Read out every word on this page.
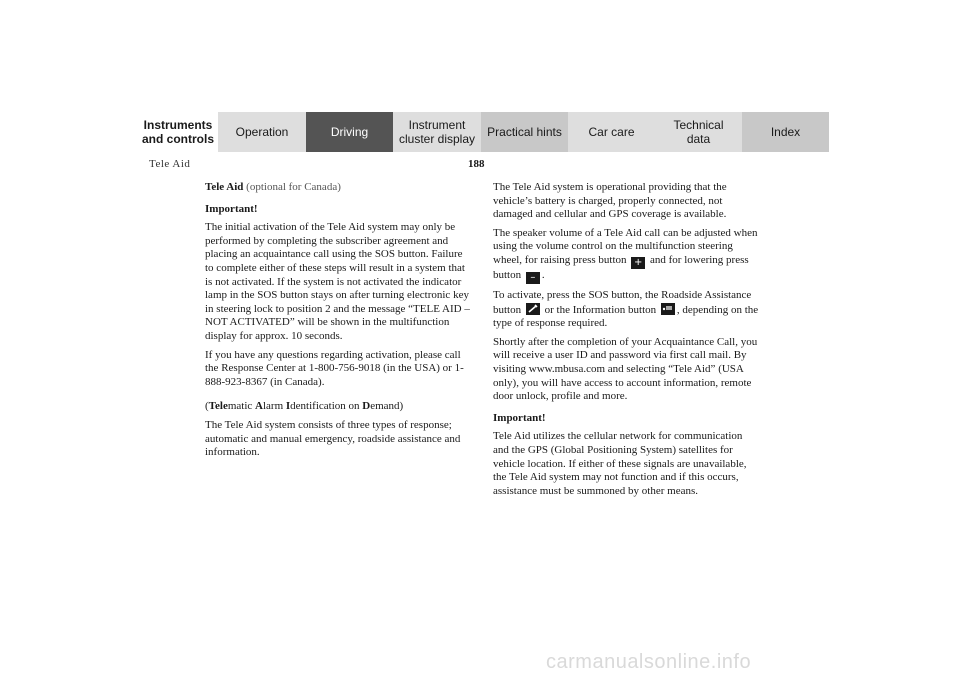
Instruments
and controls	Operation	Driving	Instrument
cluster display	Practical hints	Car care	Technical
data	Index
Tele Aid	188

Tele Aid (optional for Canada)

Important!

The initial activation of the Tele Aid system may only be performed by completing the subscriber agreement and placing an acquaintance call using the SOS button. Failure to complete either of these steps will result in a system that is not activated. If the system is not activated the indicator lamp in the SOS button stays on after turning electronic key in steering lock to position 2 and the message “TELE AID – NOT ACTIVATED” will be shown in the multifunction display for approx. 10 seconds.

If you have any questions regarding activation, please call the Response Center at 1-800-756-9018 (in the USA) or 1-888-923-8367 (in Canada).

(Telematic Alarm Identification on Demand)

The Tele Aid system consists of three types of response; automatic and manual emergency, roadside assistance and information.

The Tele Aid system is operational providing that the vehicle’s battery is charged, properly connected, not damaged and cellular and GPS coverage is available.

The speaker volume of a Tele Aid call can be adjusted when using the volume control on the multifunction steering wheel, for raising press button + and for lowering press button – .

To activate, press the SOS button, the Roadside Assistance button or the Information button , depending on the type of response required.

Shortly after the completion of your Acquaintance Call, you will receive a user ID and password via first call mail. By visiting www.mbusa.com and selecting “Tele Aid” (USA only), you will have access to account information, remote door unlock, profile and more.

Important!

Tele Aid utilizes the cellular network for communication and the GPS (Global Positioning System) satellites for vehicle location. If either of these signals are unavailable, the Tele Aid system may not function and if this occurs, assistance must be summoned by other means.

carmanualsonline.info
